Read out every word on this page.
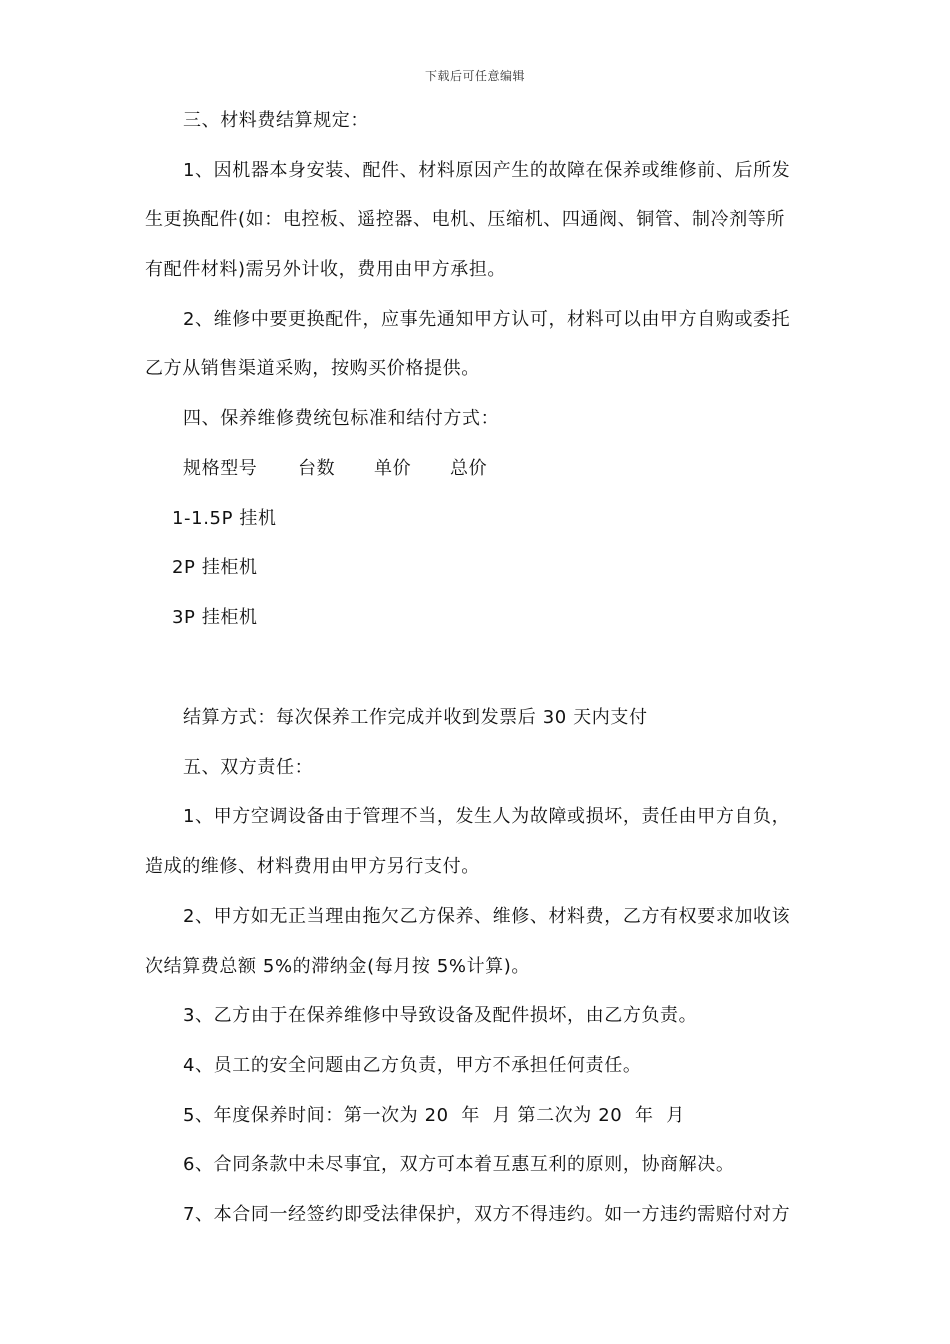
下载后可任意编辑
三、材料费结算规定：
1、因机器本身安装、配件、材料原因产生的故障在保养或维修前、后所发
生更换配件(如：电控板、遥控器、电机、压缩机、四通阀、铜管、制冷剂等所
有配件材料)需另外计收，费用由甲方承担。
2、维修中要更换配件，应事先通知甲方认可，材料可以由甲方自购或委托
乙方从销售渠道采购，按购买价格提供。
四、保养维修费统包标准和结付方式：
规格型号 台数 单价 总价
1-1.5P 挂机
2P 挂柜机
3P 挂柜机
结算方式：每次保养工作完成并收到发票后 30 天内支付
五、双方责任：
1、甲方空调设备由于管理不当，发生人为故障或损坏，责任由甲方自负，
造成的维修、材料费用由甲方另行支付。
2、甲方如无正当理由拖欠乙方保养、维修、材料费，乙方有权要求加收该
次结算费总额 5%的滞纳金(每月按 5%计算)。
3、乙方由于在保养维修中导致设备及配件损坏，由乙方负责。
4、员工的安全问题由乙方负责，甲方不承担任何责任。
5、年度保养时间：第一次为 20  年  月 第二次为 20  年  月
6、合同条款中未尽事宜，双方可本着互惠互利的原则，协商解决。
7、本合同一经签约即受法律保护，双方不得违约。如一方违约需赔付对方
